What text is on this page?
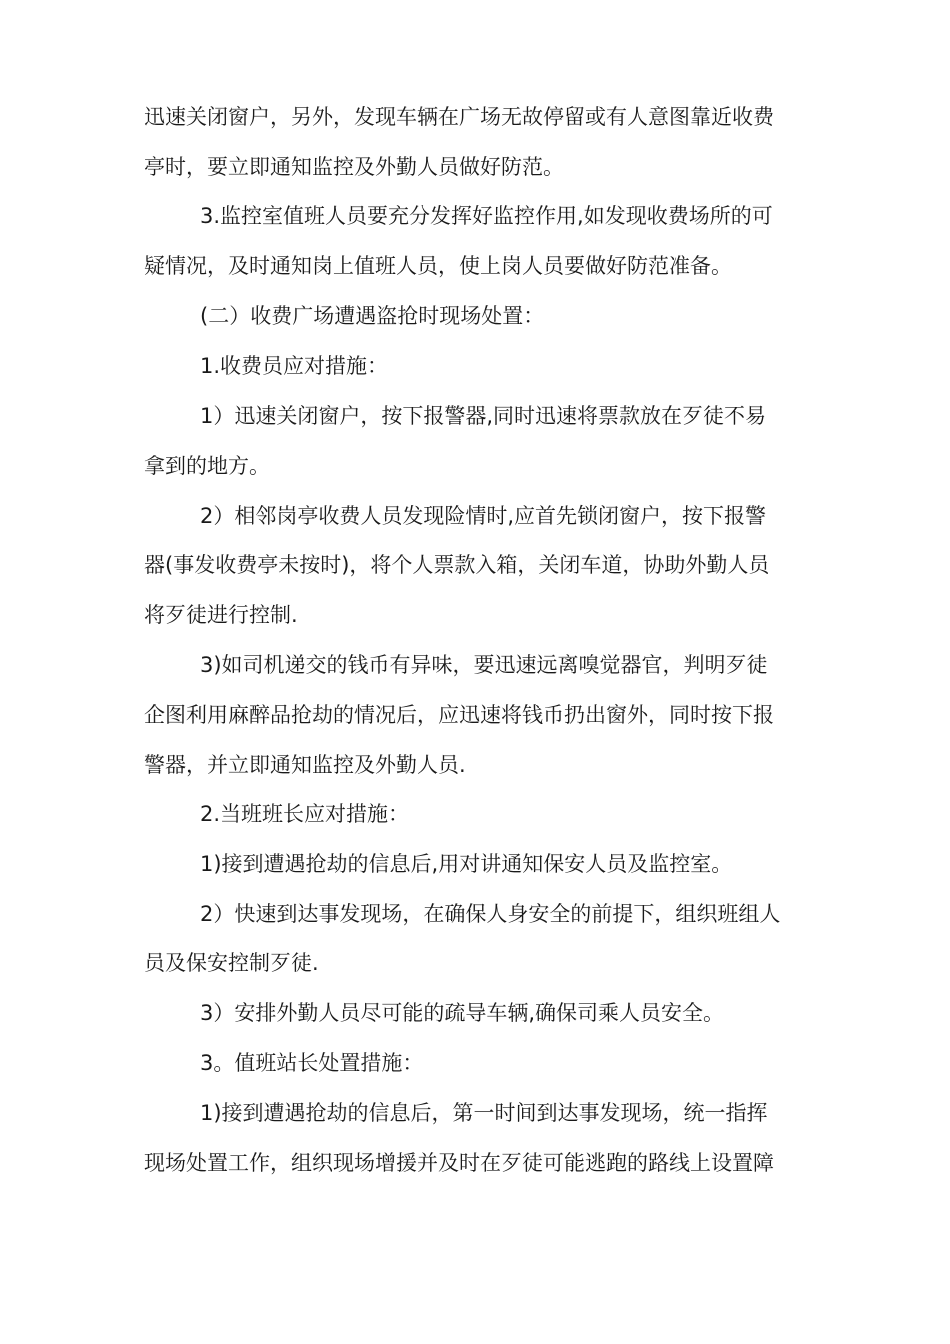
迅速关闭窗户，另外，发现车辆在广场无故停留或有人意图靠近收费

亭时，要立即通知监控及外勤人员做好防范。

3.监控室值班人员要充分发挥好监控作用,如发现收费场所的可

疑情况，及时通知岗上值班人员，使上岗人员要做好防范准备。

(二）收费广场遭遇盗抢时现场处置：

1.收费员应对措施：

1）迅速关闭窗户，按下报警器,同时迅速将票款放在歹徒不易

拿到的地方。

2）相邻岗亭收费人员发现险情时,应首先锁闭窗户，按下报警

器(事发收费亭未按时)，将个人票款入箱，关闭车道，协助外勤人员

将歹徒进行控制.

3)如司机递交的钱币有异味，要迅速远离嗅觉器官，判明歹徒

企图利用麻醉品抢劫的情况后，应迅速将钱币扔出窗外，同时按下报

警器，并立即通知监控及外勤人员.

2.当班班长应对措施：

1)接到遭遇抢劫的信息后,用对讲通知保安人员及监控室。

2）快速到达事发现场，在确保人身安全的前提下，组织班组人

员及保安控制歹徒.

3）安排外勤人员尽可能的疏导车辆,确保司乘人员安全。

3。值班站长处置措施：

1)接到遭遇抢劫的信息后，第一时间到达事发现场，统一指挥

现场处置工作，组织现场增援并及时在歹徒可能逃跑的路线上设置障
